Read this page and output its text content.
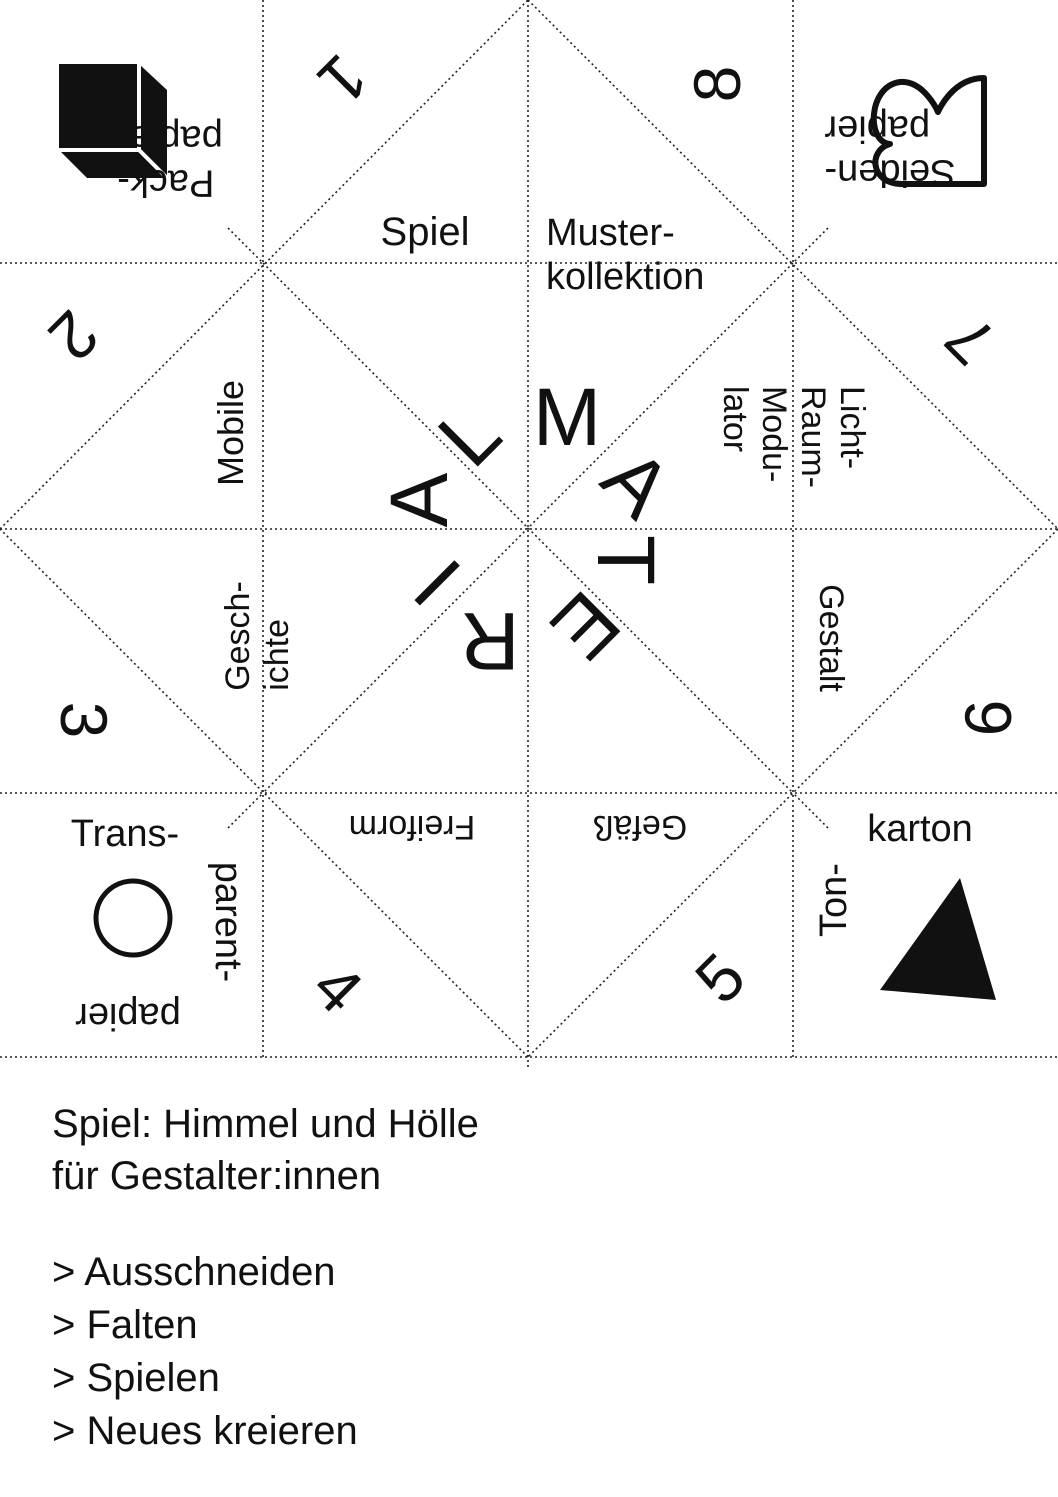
1	8
7
6
5
4
3
2
Pack-
papier
Seiden-
papier
Trans-
parent-
papier
karton
Ton-
Spiel Muster-
kollektion
Mobile	Licht-
Raum-
Modu-
lator
Gesch-
ichte	Gestalt
Freiform	Gefäß
M
A
T
E
R
I
A
L
Spiel: Himmel und Hölle
für Gestalter:innen
> Ausschneiden
> Falten
> Spielen
> Neues kreieren
